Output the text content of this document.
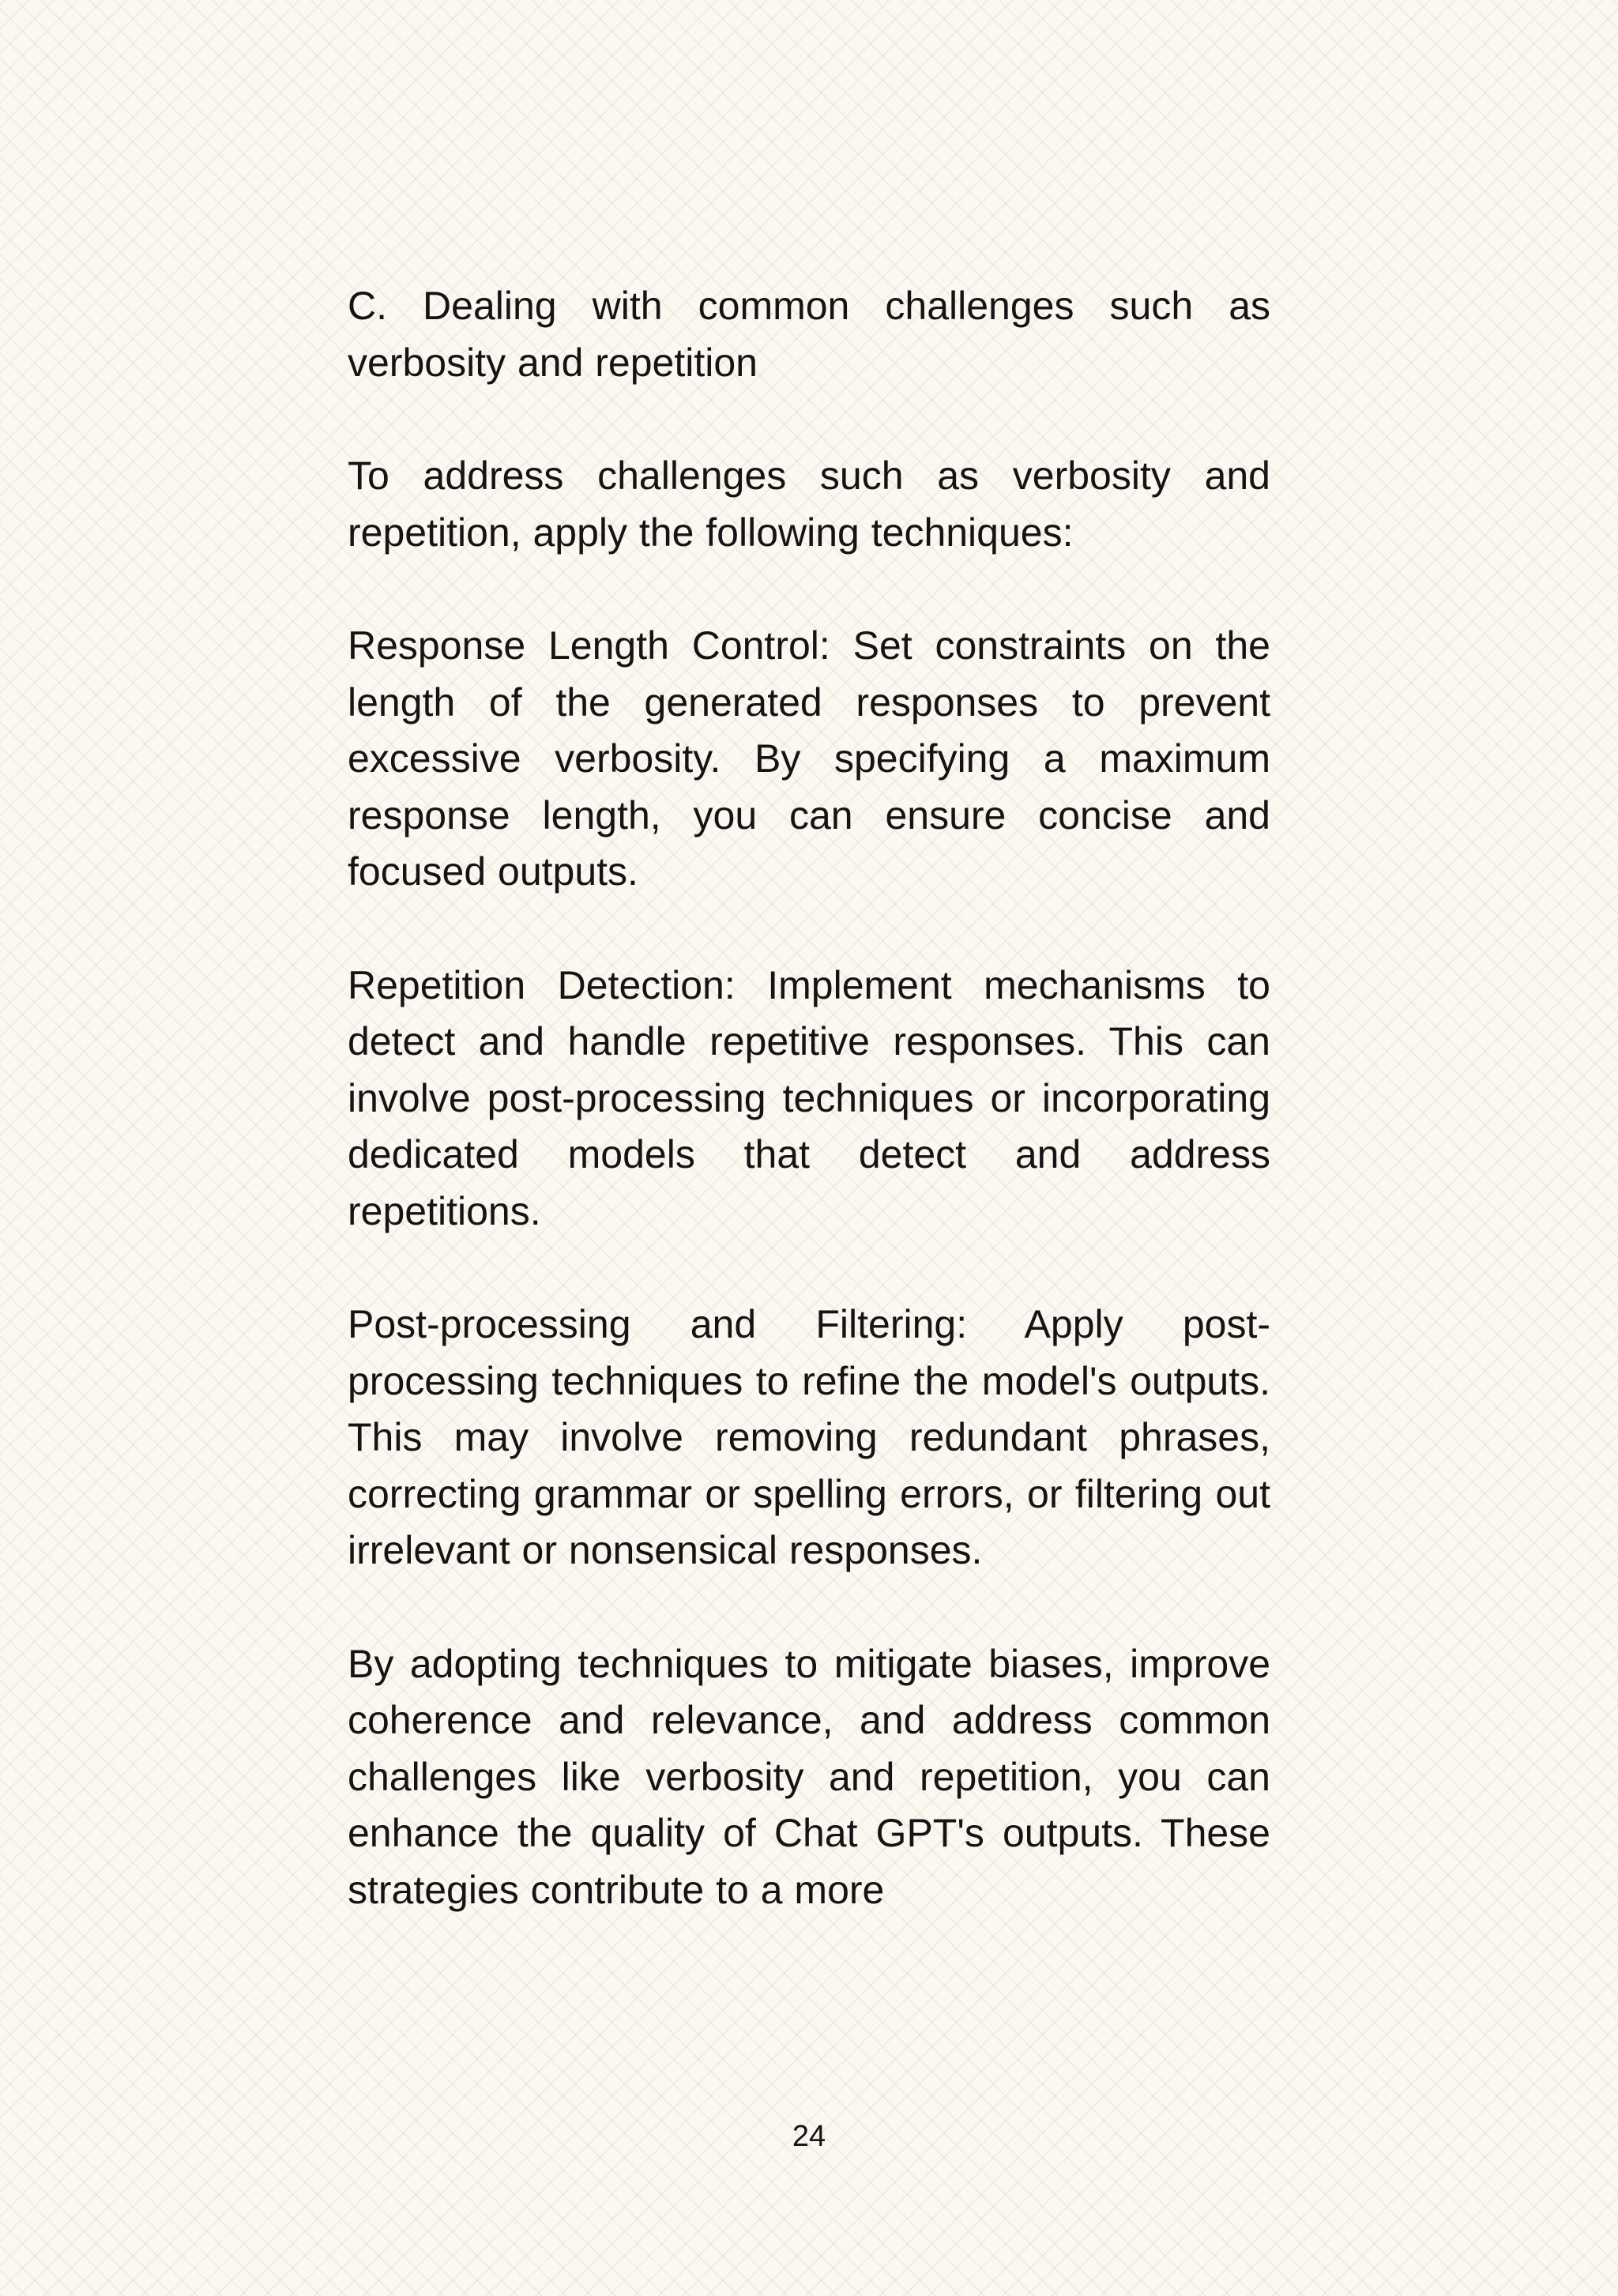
C. Dealing with common challenges such as verbosity and repetition

To address challenges such as verbosity and repetition, apply the following techniques:

Response Length Control: Set constraints on the length of the generated responses to prevent excessive verbosity. By specifying a maximum response length, you can ensure concise and focused outputs.

Repetition Detection: Implement mechanisms to detect and handle repetitive responses. This can involve post-processing techniques or incorporating dedicated models that detect and address repetitions.

Post-processing and Filtering: Apply post-processing techniques to refine the model's outputs. This may involve removing redundant phrases, correcting grammar or spelling errors, or filtering out irrelevant or nonsensical responses.

By adopting techniques to mitigate biases, improve coherence and relevance, and address common challenges like verbosity and repetition, you can enhance the quality of Chat GPT's outputs. These strategies contribute to a more

24
